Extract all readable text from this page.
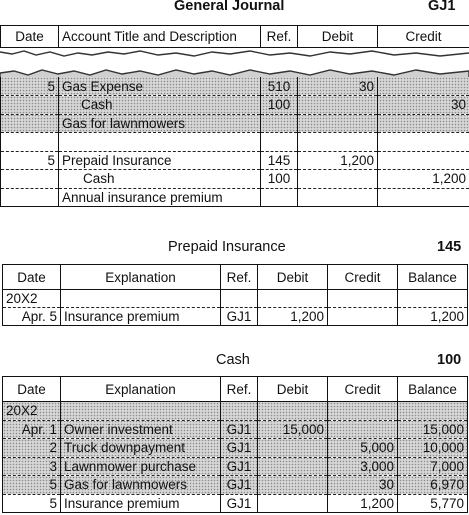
General Journal	GJ1
Date	Account Title and Description	Ref.	Debit	Credit
5	Gas Expense	510	30	
	Cash	100		30
	Gas for lawnmowers			

5	Prepaid Insurance	145	1,200	
	Cash	100		1,200
	Annual insurance premium			
Prepaid Insurance	145
Date	Explanation	Ref.	Debit	Credit	Balance
20X2					
Apr. 5	Insurance premium	GJ1	1,200		1,200
Cash	100
Date	Explanation	Ref.	Debit	Credit	Balance
20X2					
Apr. 1	Owner investment	GJ1	15,000		15,000
2	Truck downpayment	GJ1		5,000	10,000
3	Lawnmower purchase	GJ1		3,000	7,000
5	Gas for lawnmowers	GJ1		30	6,970
5	Insurance premium	GJ1		1,200	5,770
